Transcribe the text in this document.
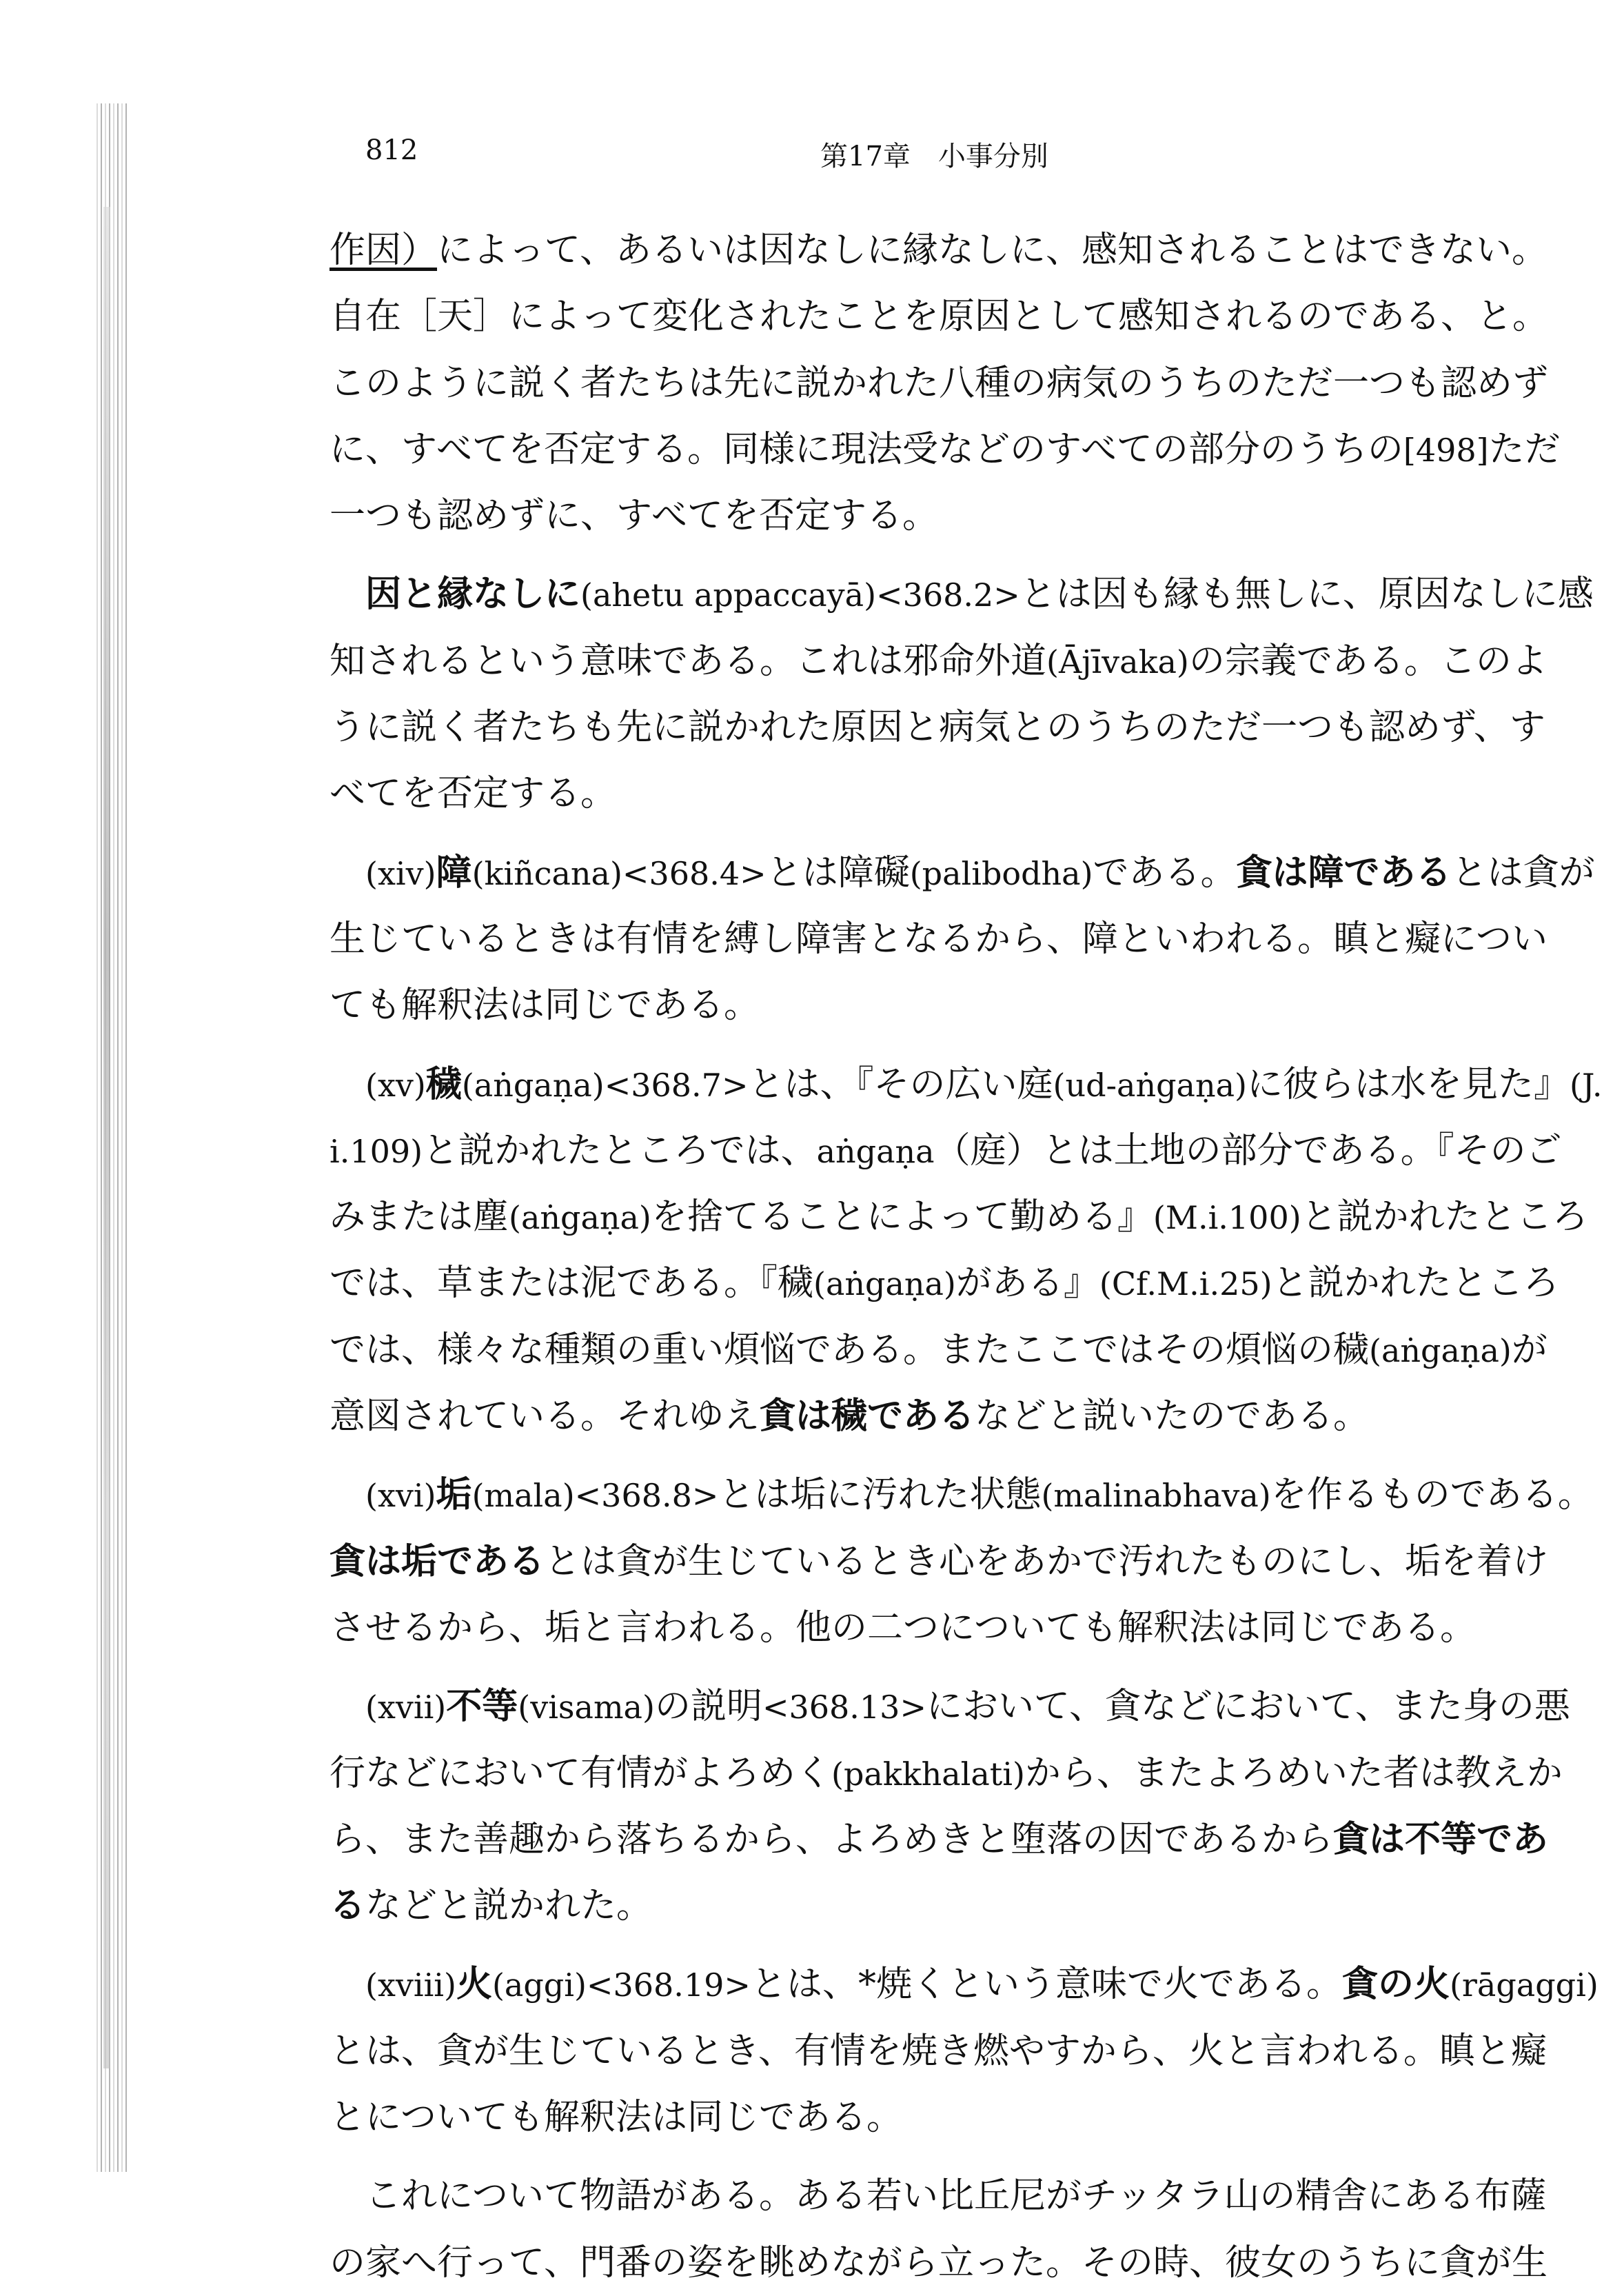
812	第17章　小事分別
作因）によって、あるいは因なしに縁なしに、感知されることはできない。
自在［天］によって変化されたことを原因として感知されるのである、と。
このように説く者たちは先に説かれた八種の病気のうちのただ一つも認めず
に、すべてを否定する。同様に現法受などのすべての部分のうちの[498]ただ
一つも認めずに、すべてを否定する。
因と縁なしに(ahetu appaccayā)<368.2>とは因も縁も無しに、原因なしに感
知されるという意味である。これは邪命外道(Ājīvaka)の宗義である。このよ
うに説く者たちも先に説かれた原因と病気とのうちのただ一つも認めず、す
べてを否定する。
(xiv)障(kiñcana)<368.4>とは障礙(palibodha)である。貪は障であるとは貪が
生じているときは有情を縛し障害となるから、障といわれる。瞋と癡につい
ても解釈法は同じである。
(xv)穢(aṅgaṇa)<368.7>とは、『その広い庭(ud-aṅgaṇa)に彼らは水を見た』(J.
i.109)と説かれたところでは、aṅgaṇa（庭）とは土地の部分である。『そのご
みまたは塵(aṅgaṇa)を捨てることによって勤める』(M.i.100)と説かれたところ
では、草または泥である。『穢(aṅgaṇa)がある』(Cf.M.i.25)と説かれたところ
では、様々な種類の重い煩悩である。またここではその煩悩の穢(aṅgaṇa)が
意図されている。それゆえ貪は穢であるなどと説いたのである。
(xvi)垢(mala)<368.8>とは垢に汚れた状態(malinabhava)を作るものである。
貪は垢であるとは貪が生じているとき心をあかで汚れたものにし、垢を着け
させるから、垢と言われる。他の二つについても解釈法は同じである。
(xvii)不等(visama)の説明<368.13>において、貪などにおいて、また身の悪
行などにおいて有情がよろめく(pakkhalati)から、またよろめいた者は教えか
ら、また善趣から落ちるから、よろめきと堕落の因であるから貪は不等であ
るなどと説かれた。
(xviii)火(aggi)<368.19>とは、*焼くという意味で火である。貪の火(rāgaggi)
とは、貪が生じているとき、有情を焼き燃やすから、火と言われる。瞋と癡
とについても解釈法は同じである。
これについて物語がある。ある若い比丘尼がチッタラ山の精舎にある布薩
の家へ行って、門番の姿を眺めながら立った。その時、彼女のうちに貪が生
